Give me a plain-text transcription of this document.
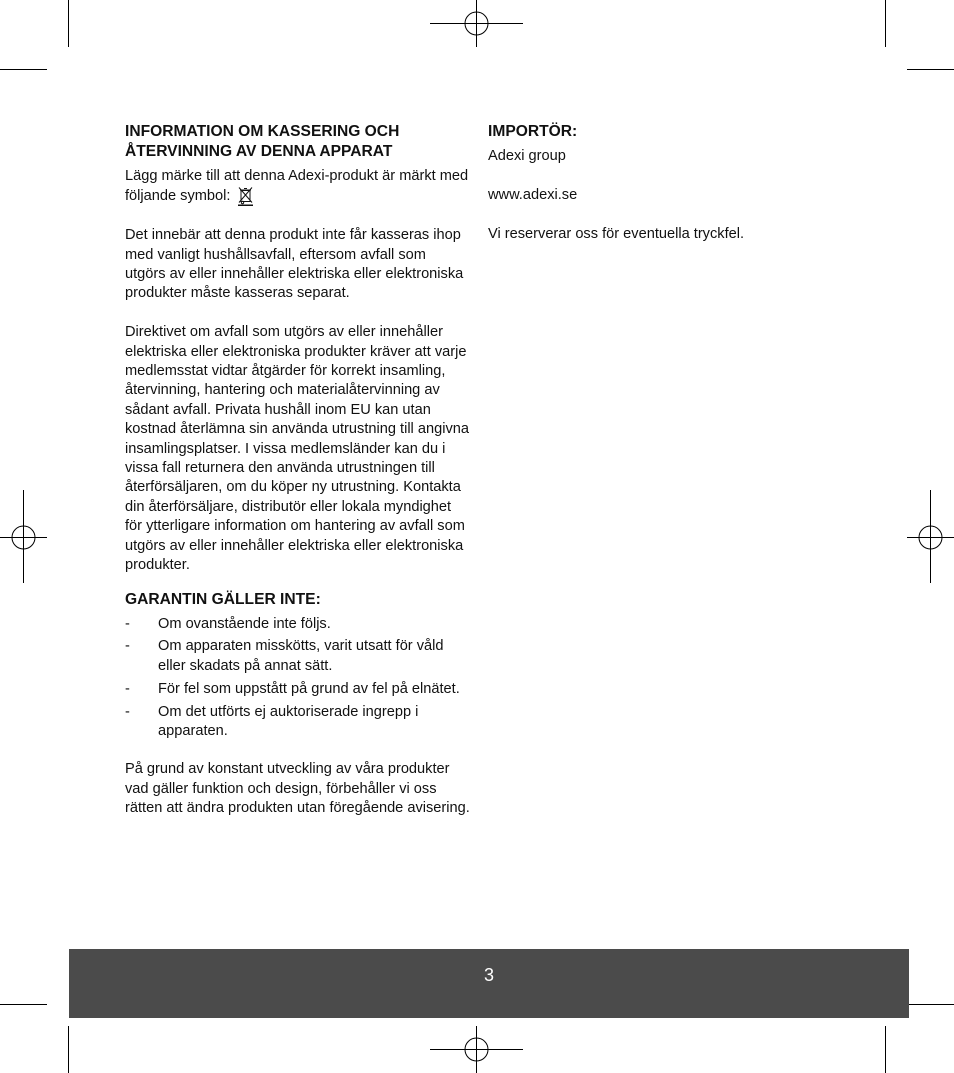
INFORMATION OM KASSERING OCH
ÅTERVINNING AV DENNA APPARAT

Lägg märke till att denna Adexi-produkt är märkt med följande symbol:

Det innebär att denna produkt inte får kasseras ihop med vanligt hushållsavfall, eftersom avfall som utgörs av eller innehåller elektriska eller elektroniska produkter måste kasseras separat.

Direktivet om avfall som utgörs av eller innehåller elektriska eller elektroniska produkter kräver att varje medlemsstat vidtar åtgärder för korrekt insamling, återvinning, hantering och materialåtervinning av sådant avfall. Privata hushåll inom EU kan utan kostnad återlämna sin använda utrustning till angivna insamlingsplatser. I vissa medlemsländer kan du i vissa fall returnera den använda utrustningen till återförsäljaren, om du köper ny utrustning. Kontakta din återförsäljare, distributör eller lokala myndighet för ytterligare information om hantering av avfall som utgörs av eller innehåller elektriska eller elektroniska produkter.

GARANTIN GÄLLER INTE:
- Om ovanstående inte följs.
- Om apparaten misskötts, varit utsatt för våld eller skadats på annat sätt.
- För fel som uppstått på grund av fel på elnätet.
- Om det utförts ej auktoriserade ingrepp i apparaten.

På grund av konstant utveckling av våra produkter vad gäller funktion och design, förbehåller vi oss rätten att ändra produkten utan föregående avisering.

IMPORTÖR:

Adexi group

www.adexi.se

Vi reserverar oss för eventuella tryckfel.

3
